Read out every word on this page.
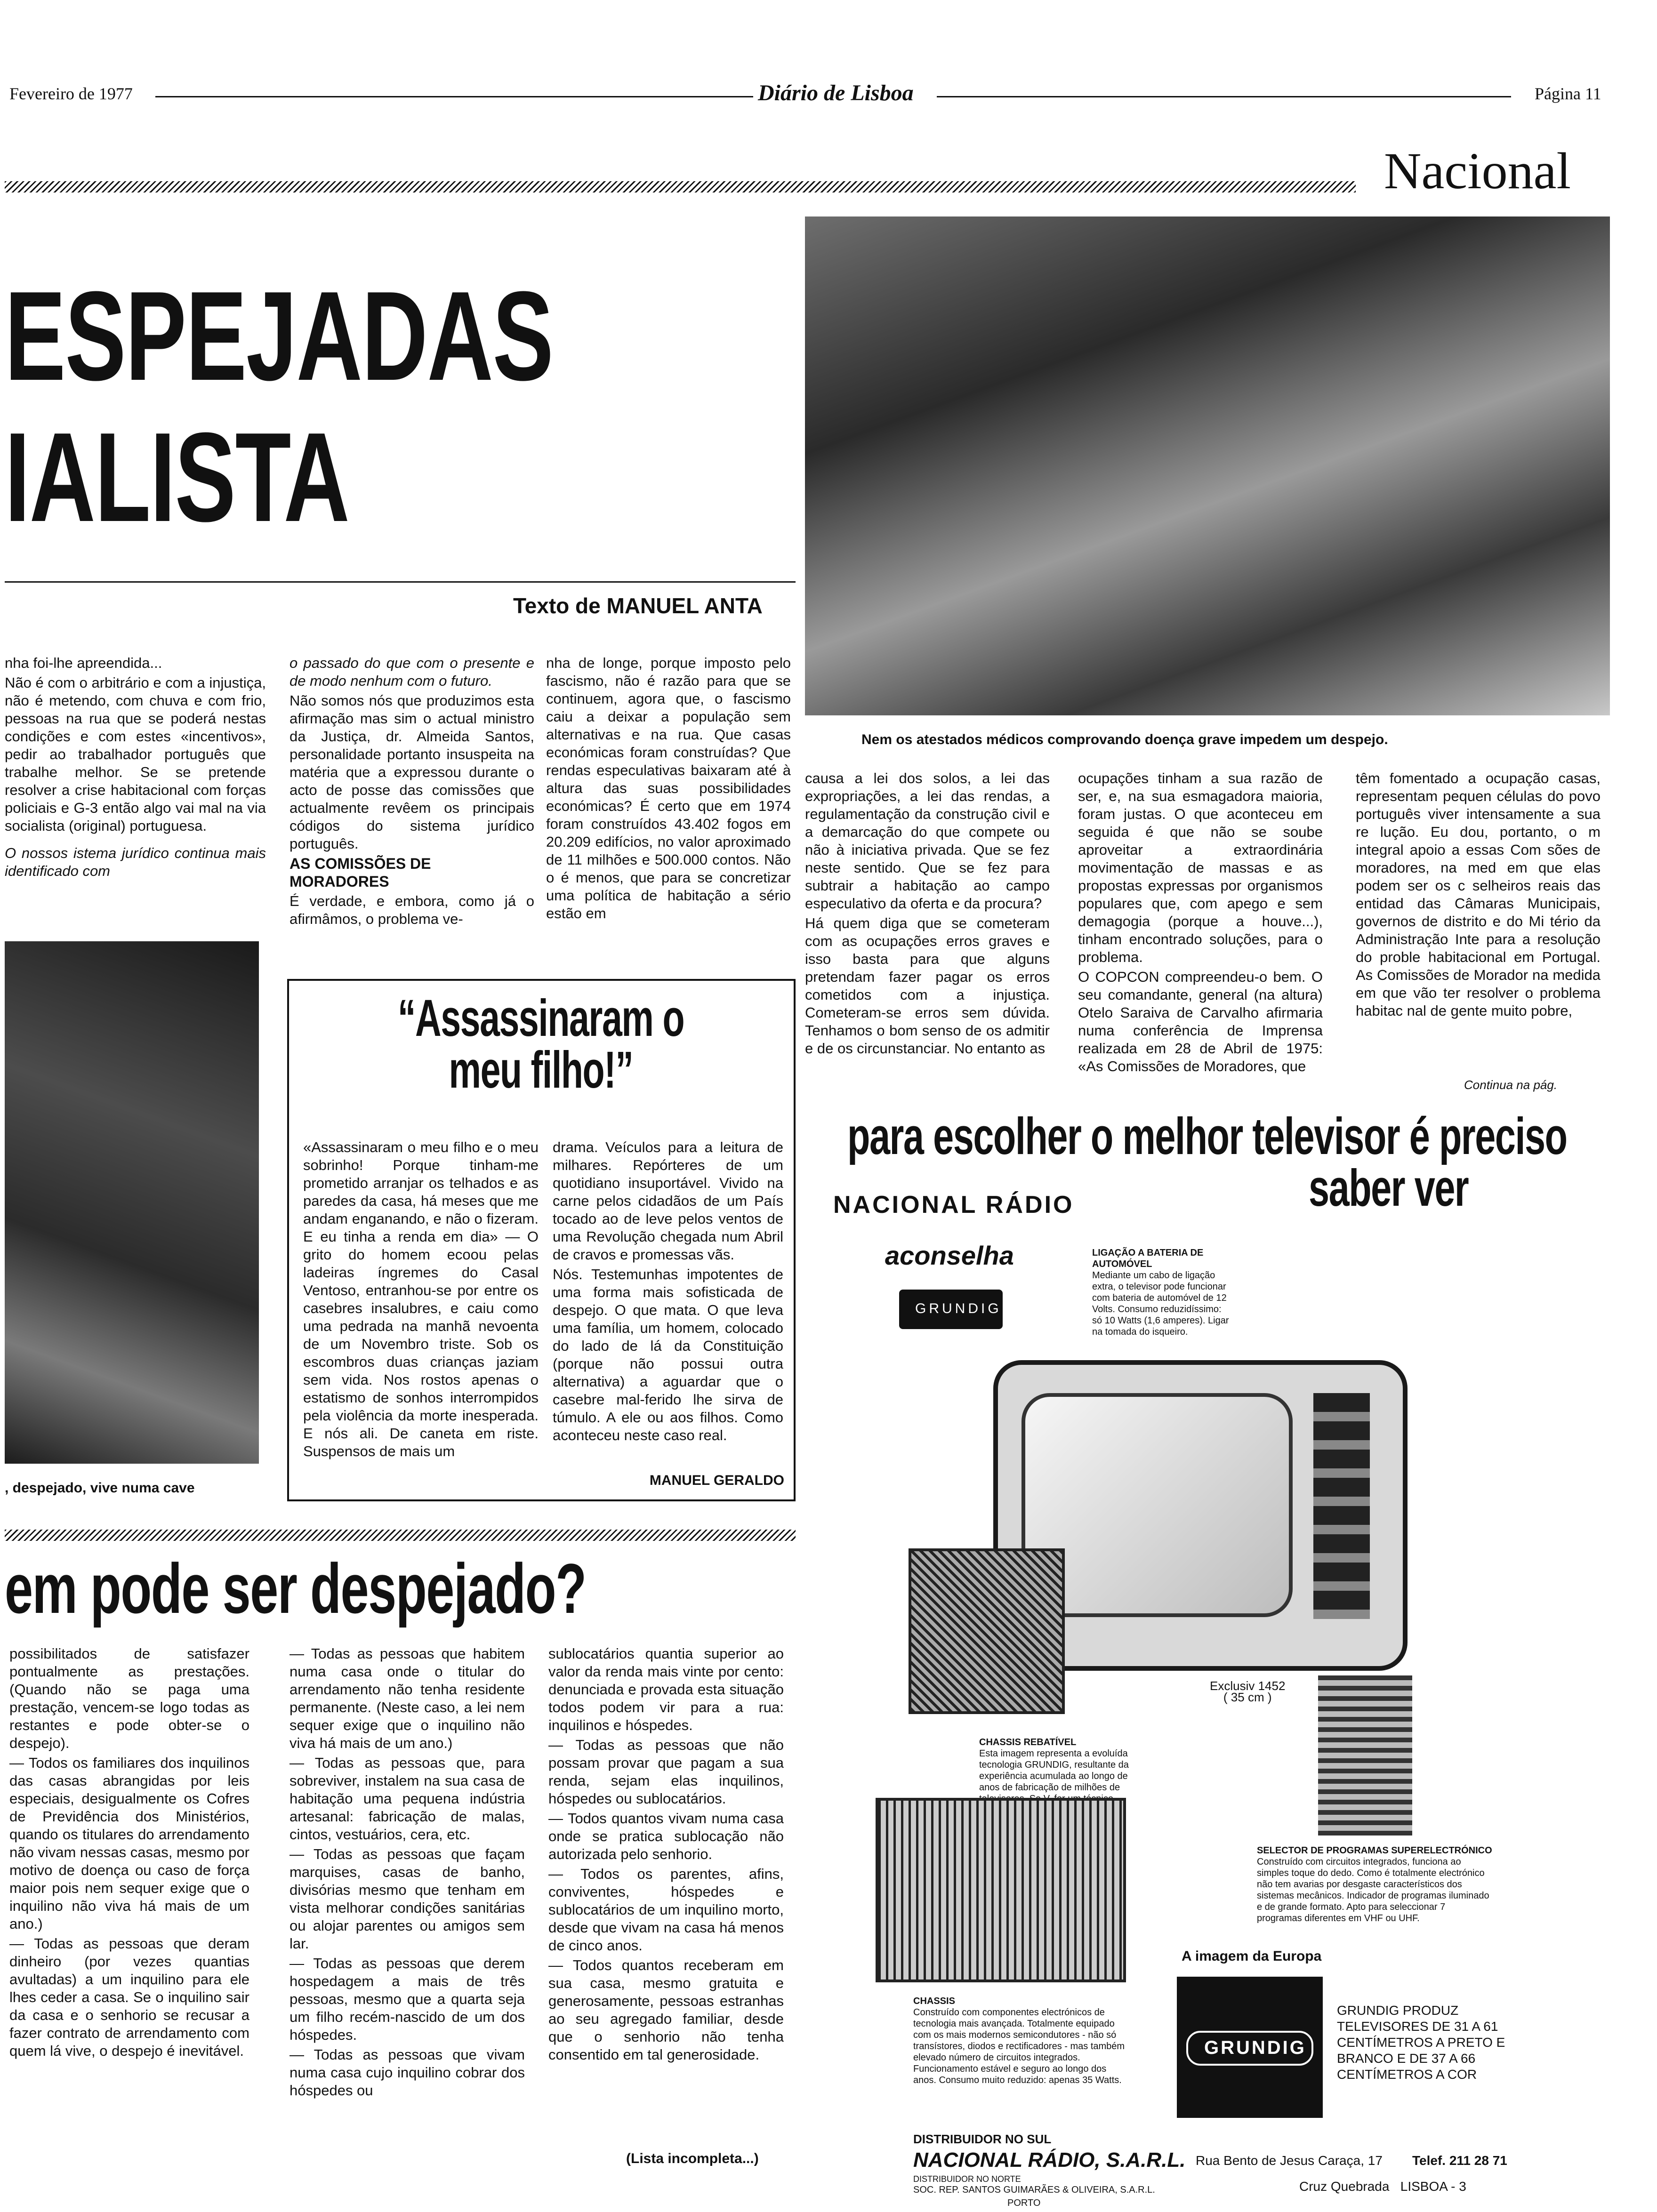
Fevereiro de 1977	Diário de Lisboa	Página 11
Nacional
ESPEJADAS
IALISTA
Texto de MANUEL ANTA
Nem os atestados médicos comprovando doença grave impedem um despejo.

nha foi-lhe apreendida...

Não é com o arbitrário e com a injustiça, não é metendo, com chuva e com frio, pessoas na rua que se poderá nestas condições e com estes «incentivos», pedir ao trabalhador português que trabalhe melhor. Se se pretende resolver a crise habitacional com forças policiais e G-3 então algo vai mal na via socialista (original) portuguesa.

O nossos istema jurídico continua mais identificado com

o passado do que com o presente e de modo nenhum com o futuro.

Não somos nós que produzimos esta afirmação mas sim o actual ministro da Justiça, dr. Almeida Santos, personalidade portanto insuspeita na matéria que a expressou durante o acto de posse das comissões que actualmente revêem os principais códigos do sistema jurídico português.

AS COMISSÕES DE MORADORES

É verdade, e embora, como já o afirmâmos, o problema ve-

nha de longe, porque imposto pelo fascismo, não é razão para que se continuem, agora que, o fascismo caiu a deixar a população sem alternativas e na rua. Que casas económicas foram construídas? Que rendas especulativas baixaram até à altura das suas possibilidades económicas? É certo que em 1974 foram construídos 43.402 fogos em 20.209 edifícios, no valor aproximado de 11 milhões e 500.000 contos. Não o é menos, que para se concretizar uma política de habitação a sério estão em

causa a lei dos solos, a lei das expropriações, a lei das rendas, a regulamentação da construção civil e a demarcação do que compete ou não à iniciativa privada. Que se fez neste sentido. Que se fez para subtrair a habitação ao campo especulativo da oferta e da procura?

Há quem diga que se cometeram com as ocupações erros graves e isso basta para que alguns pretendam fazer pagar os erros cometidos com a injustiça. Cometeram-se erros sem dúvida. Tenhamos o bom senso de os admitir e de os circunstanciar. No entanto as

ocupações tinham a sua razão de ser, e, na sua esmagadora maioria, foram justas. O que aconteceu em seguida é que não se soube aproveitar a extraordinária movimentação de massas e as propostas expressas por organismos populares que, com apego e sem demagogia (porque a houve...), tinham encontrado soluções, para o problema.

O COPCON compreendeu-o bem. O seu comandante, general (na altura) Otelo Saraiva de Carvalho afirmaria numa conferência de Imprensa realizada em 28 de Abril de 1975: «As Comissões de Moradores, que

têm fomentado a ocupação casas, representam pequen células do povo português viver intensamente a sua re lução. Eu dou, portanto, o m integral apoio a essas Com sões de moradores, na med em que elas podem ser os c selheiros reais das entidad das Câmaras Municipais, governos de distrito e do Mi tério da Administração Inte para a resolução do proble habitacional em Portugal. As Comissões de Morador na medida em que vão ter resolver o problema habitac nal de gente muito pobre,

Continua na pág.
, despejado, vive numa cave
“Assassinaram o meu filho!”

«Assassinaram o meu filho e o meu sobrinho! Porque tinham-me prometido arranjar os telhados e as paredes da casa, há meses que me andam enganando, e não o fizeram. E eu tinha a renda em dia» — O grito do homem ecoou pelas ladeiras íngremes do Casal Ventoso, entranhou-se por entre os casebres insalubres, e caiu como uma pedrada na manhã nevoenta de um Novembro triste. Sob os escombros duas crianças jaziam sem vida. Nos rostos apenas o estatismo de sonhos interrompidos pela violência da morte inesperada. E nós ali. De caneta em riste. Suspensos de mais um

drama. Veículos para a leitura de milhares. Repórteres de um quotidiano insuportável. Vivido na carne pelos cidadãos de um País tocado ao de leve pelos ventos de uma Revolução chegada num Abril de cravos e promessas vãs.

Nós. Testemunhas impotentes de uma forma mais sofisticada de despejo. O que mata. O que leva uma família, um homem, colocado do lado de lá da Constituição (porque não possui outra alternativa) a aguardar que o casebre mal-ferido lhe sirva de túmulo. A ele ou aos filhos. Como aconteceu neste caso real.

MANUEL GERALDO
em pode ser despejado?

possibilitados de satisfazer pontualmente as prestações. (Quando não se paga uma prestação, vencem-se logo todas as restantes e pode obter-se o despejo).

— Todos os familiares dos inquilinos das casas abrangidas por leis especiais, desigualmente os Cofres de Previdência dos Ministérios, quando os titulares do arrendamento não vivam nessas casas, mesmo por motivo de doença ou caso de força maior pois nem sequer exige que o inquilino não viva há mais de um ano.)

— Todas as pessoas que deram dinheiro (por vezes quantias avultadas) a um inquilino para ele lhes ceder a casa. Se o inquilino sair da casa e o senhorio se recusar a fazer contrato de arrendamento com quem lá vive, o despejo é inevitável.

— Todas as pessoas que habitem numa casa onde o titular do arrendamento não tenha residente permanente. (Neste caso, a lei nem sequer exige que o inquilino não viva há mais de um ano.)

— Todas as pessoas que, para sobreviver, instalem na sua casa de habitação uma pequena indústria artesanal: fabricação de malas, cintos, vestuários, cera, etc.

— Todas as pessoas que façam marquises, casas de banho, divisórias mesmo que tenham em vista melhorar condições sanitárias ou alojar parentes ou amigos sem lar.

— Todas as pessoas que derem hospedagem a mais de três pessoas, mesmo que a quarta seja um filho recém-nascido de um dos hóspedes.

— Todas as pessoas que vivam numa casa cujo inquilino cobrar dos hóspedes ou

sublocatários quantia superior ao valor da renda mais vinte por cento: denunciada e provada esta situação todos podem vir para a rua: inquilinos e hóspedes.

— Todas as pessoas que não possam provar que pagam a sua renda, sejam elas inquilinos, hóspedes ou sublocatários.

— Todos quantos vivam numa casa onde se pratica sublocação não autorizada pelo senhorio.

— Todos os parentes, afins, conviventes, hóspedes e sublocatários de um inquilino morto, desde que vivam na casa há menos de cinco anos.

— Todos quantos receberam em sua casa, mesmo gratuita e generosamente, pessoas estranhas ao seu agregado familiar, desde que o senhorio não tenha consentido em tal generosidade.

(Lista incompleta...)
para escolher o melhor televisor é preciso
saber ver
NACIONAL RÁDIO
aconselha
GRUNDIG
LIGAÇÃO A BATERIA DE AUTOMÓVEL
Mediante um cabo de ligação extra, o televisor pode funcionar com bateria de automóvel de 12 Volts. Consumo reduzidíssimo: só 10 Watts (1,6 amperes). Ligar na tomada do isqueiro.
Exclusiv 1452
( 35 cm )
CHASSIS REBATÍVEL
Esta imagem representa a evoluída tecnologia GRUNDIG, resultante da experiência acumulada ao longo de anos de fabricação de milhões de
SELECTOR DE PROGRAMAS SUPERELECTRÓNICO
Construído com circuitos integrados, funciona ao simples toque do dedo. Como é totalmente electrónico não tem avarias por desgaste característicos dos sistemas mecânicos. Indicador de programas iluminado e de grande formato. Apto para seleccionar 7 programas diferentes em VHF ou UHF.
A imagem da Europa
CHASSIS
Construído com componentes electrónicos de tecnologia mais avançada. Totalmente equipado com os mais modernos semicondutores - não só transístores, diodos e rectificadores - mas também elevado número de circuitos integrados. Funcionamento estável e seguro ao longo dos anos. Consumo muito reduzido: apenas 35 Watts.
GRUNDIG
GRUNDIG PRODUZ TELEVISORES DE 31 A 61 CENTÍMETROS A PRETO E BRANCO E DE 37 A 66 CENTÍMETROS A COR
DISTRIBUIDOR NO SUL
NACIONAL RÁDIO, S.A.R.L. Rua Bento de Jesus Caraça, 17 Telef. 211 28 71
DISTRIBUIDOR NO NORTE
SOC. REP. SANTOS GUIMARÃES & OLIVEIRA, S.A.R.L.	Cruz Quebrada   LISBOA - 3
PORTO
